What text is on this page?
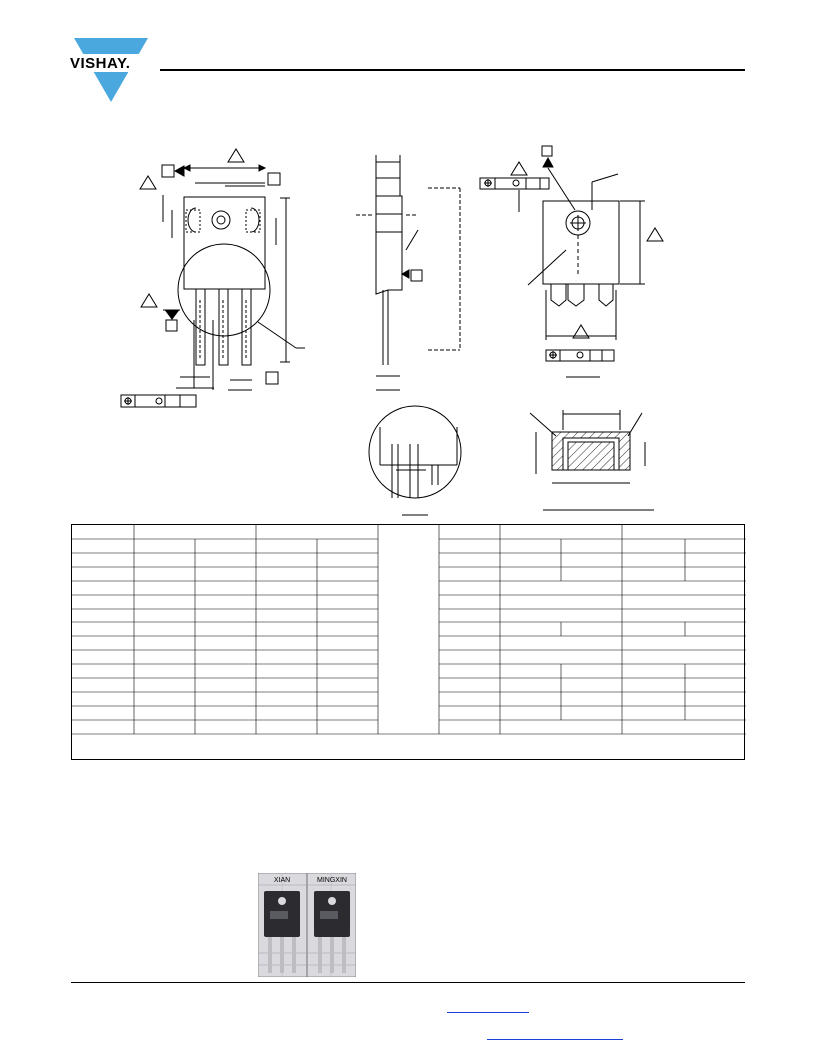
VISHAY.
XIAN	MINGXIN
